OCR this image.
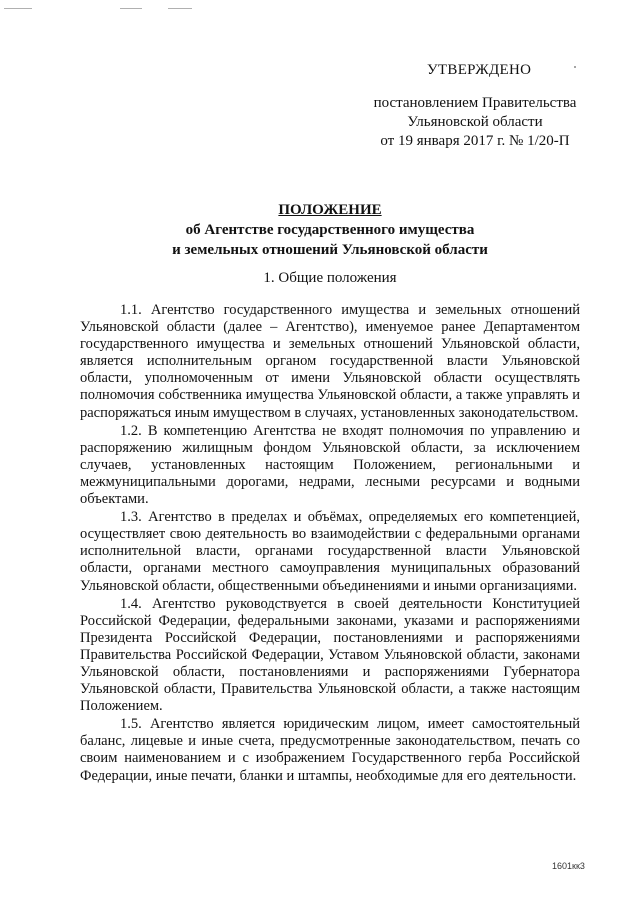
УТВЕРЖДЕНО
постановлением Правительства
Ульяновской области
от 19 января 2017 г. № 1/20-П
ПОЛОЖЕНИЕ
об Агентстве государственного имущества
и земельных отношений Ульяновской области
1. Общие положения

1.1. Агентство государственного имущества и земельных отношений Ульяновской области (далее – Агентство), именуемое ранее Департаментом государственного имущества и земельных отношений Ульяновской области, является исполнительным органом государственной власти Ульяновской области, уполномоченным от имени Ульяновской области осуществлять полномочия собственника имущества Ульяновской области, а также управлять и распоряжаться иным имуществом в случаях, установленных законодательством.

1.2. В компетенцию Агентства не входят полномочия по управлению и распоряжению жилищным фондом Ульяновской области, за исключением случаев, установленных настоящим Положением, региональными и межмуниципальными дорогами, недрами, лесными ресурсами и водными объектами.

1.3. Агентство в пределах и объёмах, определяемых его компетенцией, осуществляет свою деятельность во взаимодействии с федеральными органами исполнительной власти, органами государственной власти Ульяновской области, органами местного самоуправления муниципальных образований Ульяновской области, общественными объединениями и иными организациями.

1.4. Агентство руководствуется в своей деятельности Конституцией Российской Федерации, федеральными законами, указами и распоряжениями Президента Российской Федерации, постановлениями и распоряжениями Правительства Российской Федерации, Уставом Ульяновской области, законами Ульяновской области, постановлениями и распоряжениями Губернатора Ульяновской области, Правительства Ульяновской области, а также настоящим Положением.

1.5. Агентство является юридическим лицом, имеет самостоятельный баланс, лицевые и иные счета, предусмотренные законодательством, печать со своим наименованием и с изображением Государственного герба Российской Федерации, иные печати, бланки и штампы, необходимые для его деятельности.

1601кк3
